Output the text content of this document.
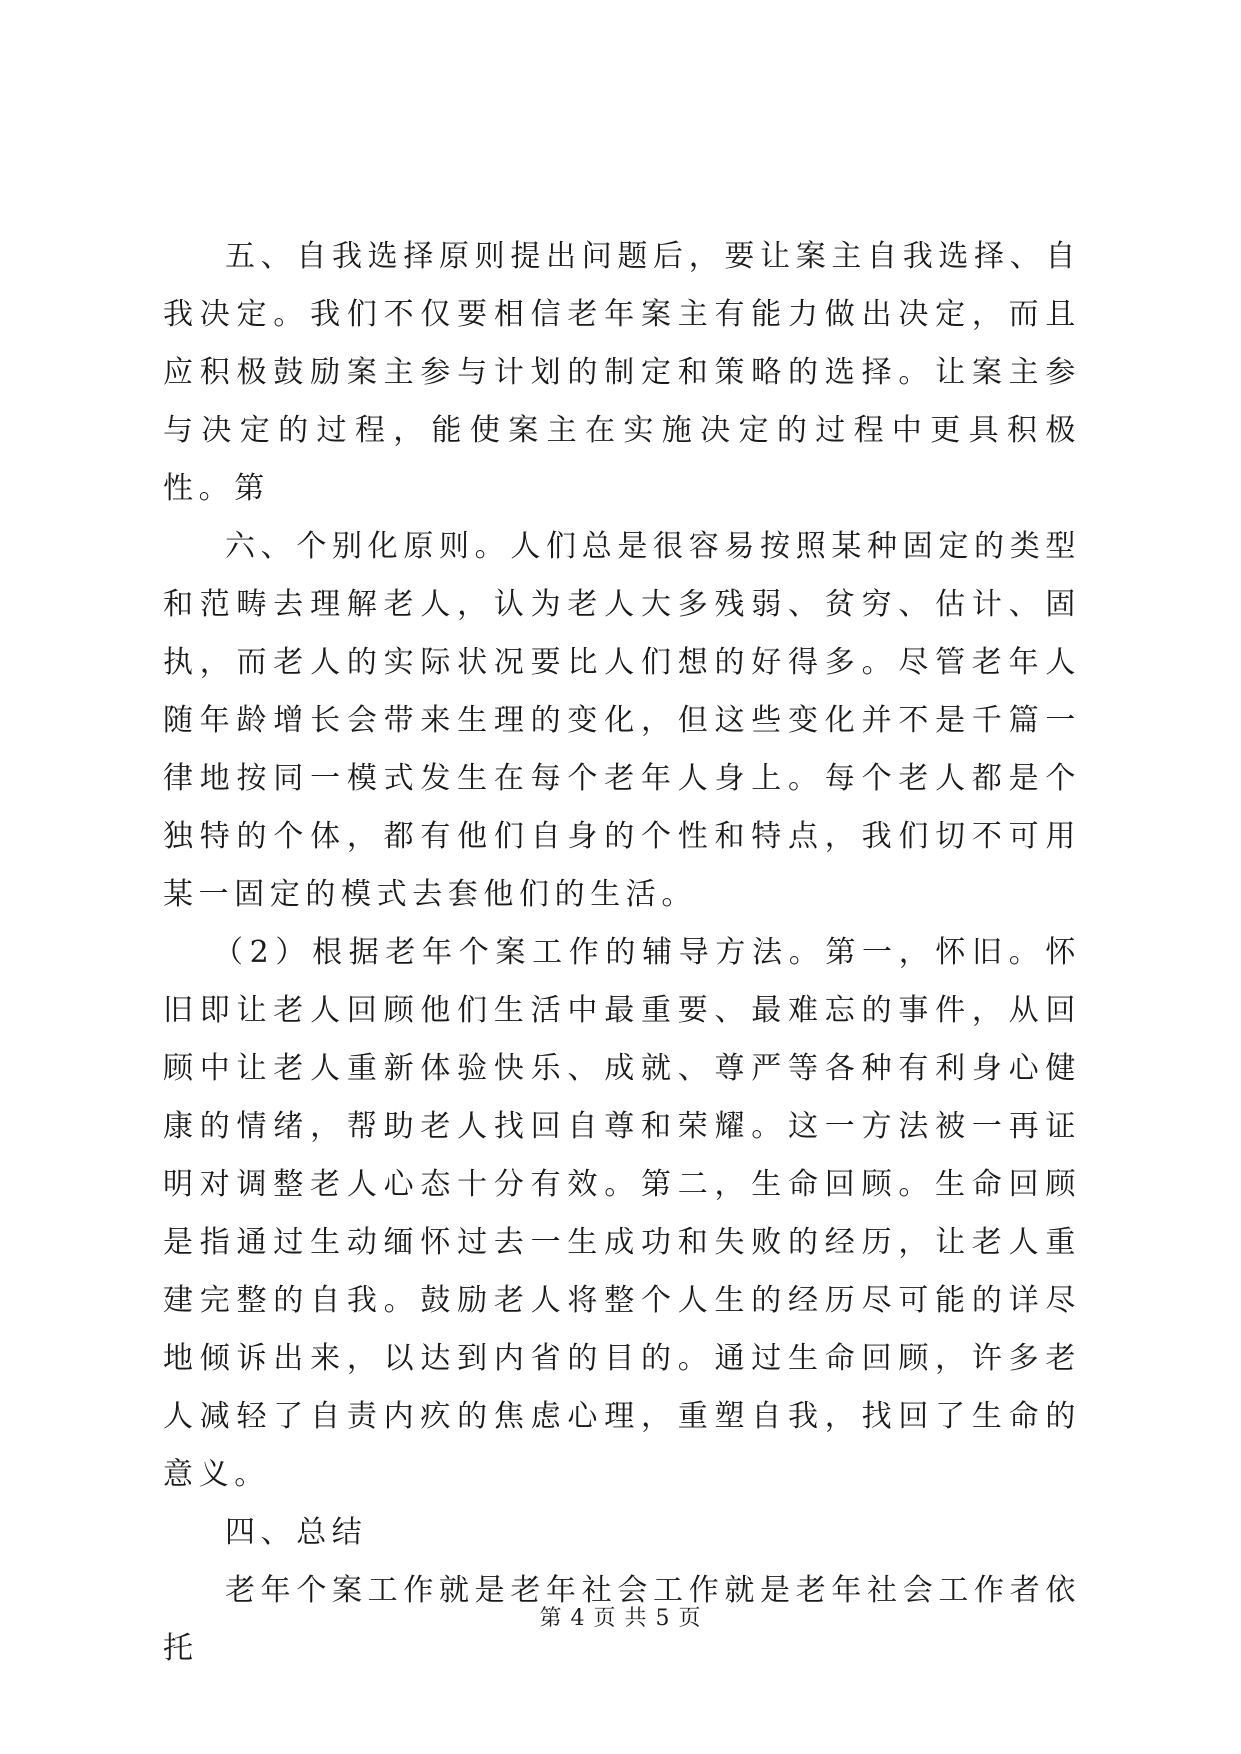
五、自我选择原则提出问题后，要让案主自我选择、自我决定。我们不仅要相信老年案主有能力做出决定，而且应积极鼓励案主参与计划的制定和策略的选择。让案主参与决定的过程，能使案主在实施决定的过程中更具积极性。第

六、个别化原则。人们总是很容易按照某种固定的类型和范畴去理解老人，认为老人大多残弱、贫穷、估计、固执，而老人的实际状况要比人们想的好得多。尽管老年人随年龄增长会带来生理的变化，但这些变化并不是千篇一律地按同一模式发生在每个老年人身上。每个老人都是个独特的个体，都有他们自身的个性和特点，我们切不可用某一固定的模式去套他们的生活。

（2）根据老年个案工作的辅导方法。第一，怀旧。怀旧即让老人回顾他们生活中最重要、最难忘的事件，从回顾中让老人重新体验快乐、成就、尊严等各种有利身心健康的情绪，帮助老人找回自尊和荣耀。这一方法被一再证明对调整老人心态十分有效。第二，生命回顾。生命回顾是指通过生动缅怀过去一生成功和失败的经历，让老人重建完整的自我。鼓励老人将整个人生的经历尽可能的详尽地倾诉出来，以达到内省的目的。通过生命回顾，许多老人减轻了自责内疚的焦虑心理，重塑自我，找回了生命的意义。

四、总结

老年个案工作就是老年社会工作就是老年社会工作者依托

第 4 页 共 5 页
